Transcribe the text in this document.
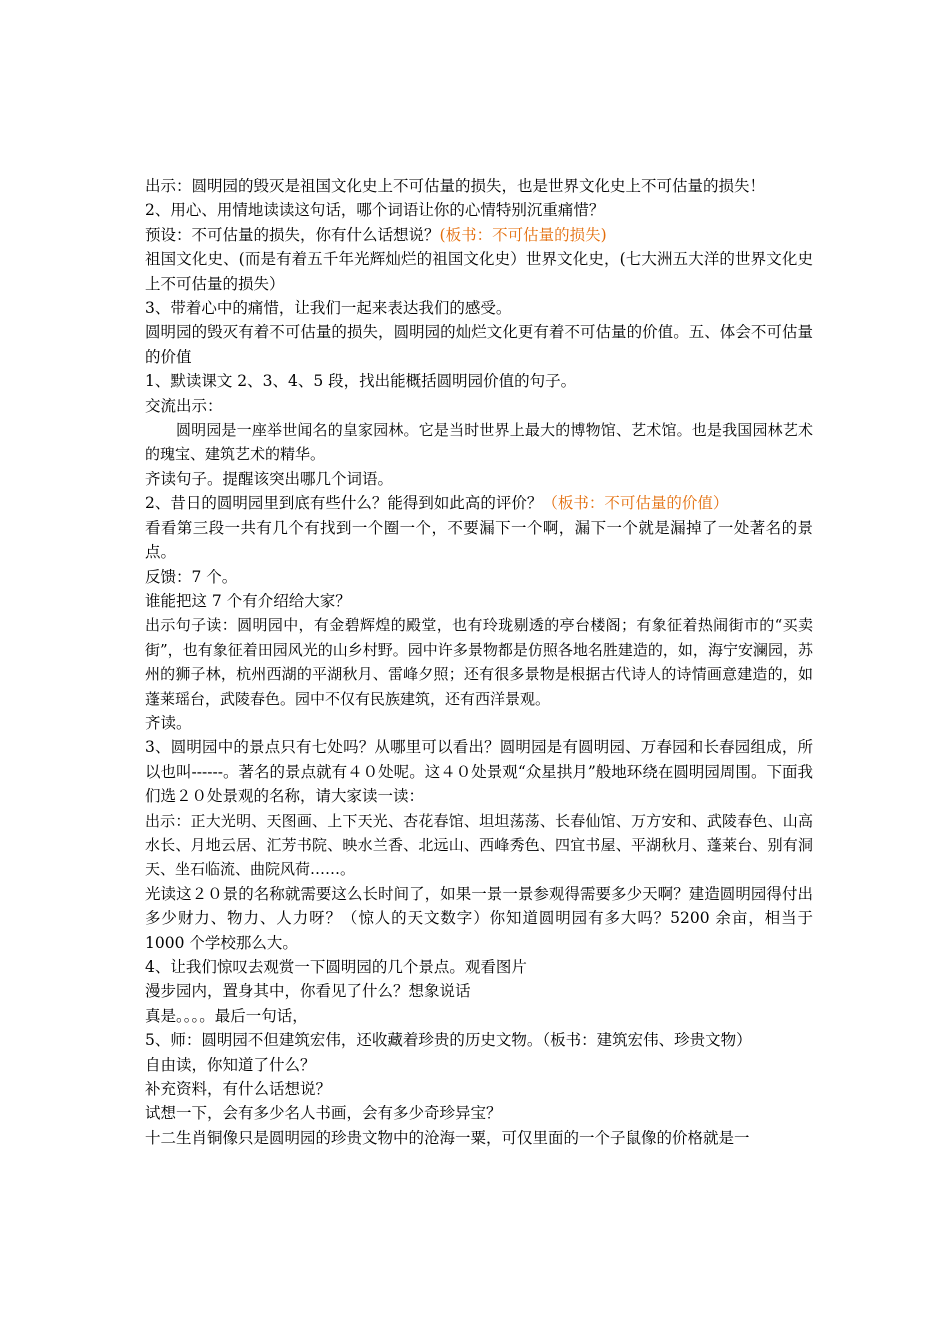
出示：圆明园的毁灭是祖国文化史上不可估量的损失，也是世界文化史上不可估量的损失！
2、用心、用情地读读这句话，哪个词语让你的心情特别沉重痛惜？
预设：不可估量的损失，你有什么话想说？(板书：不可估量的损失)
祖国文化史、(而是有着五千年光辉灿烂的祖国文化史）世界文化史，(七大洲五大洋的世界文化史上不可估量的损失）
3、带着心中的痛惜，让我们一起来表达我们的感受。
圆明园的毁灭有着不可估量的损失，圆明园的灿烂文化更有着不可估量的价值。五、体会不可估量的价值
1、默读课文 2、3、4、5 段，找出能概括圆明园价值的句子。
交流出示：
圆明园是一座举世闻名的皇家园林。它是当时世界上最大的博物馆、艺术馆。也是我国园林艺术的瑰宝、建筑艺术的精华。
齐读句子。提醒该突出哪几个词语。
2、昔日的圆明园里到底有些什么？能得到如此高的评价？（板书：不可估量的价值）
看看第三段一共有几个有找到一个圈一个，不要漏下一个啊，漏下一个就是漏掉了一处著名的景点。
反馈：7 个。
谁能把这 7 个有介绍给大家？
出示句子读：圆明园中，有金碧辉煌的殿堂，也有玲珑剔透的亭台楼阁；有象征着热闹街市的“买卖街”，也有象征着田园风光的山乡村野。园中许多景物都是仿照各地名胜建造的，如，海宁安澜园，苏州的狮子林，杭州西湖的平湖秋月、雷峰夕照；还有很多景物是根据古代诗人的诗情画意建造的，如蓬莱瑶台，武陵春色。园中不仅有民族建筑，还有西洋景观。
齐读。
3、圆明园中的景点只有七处吗？从哪里可以看出？圆明园是有圆明园、万春园和长春园组成，所以也叫------。著名的景点就有４０处呢。这４０处景观“众星拱月”般地环绕在圆明园周围。下面我们选２０处景观的名称，请大家读一读：
出示：正大光明、天图画、上下天光、杏花春馆、坦坦荡荡、长春仙馆、万方安和、武陵春色、山高水长、月地云居、汇芳书院、映水兰香、北远山、西峰秀色、四宜书屋、平湖秋月、蓬莱台、别有洞天、坐石临流、曲院风荷……。
光读这２０景的名称就需要这么长时间了，如果一景一景参观得需要多少天啊？建造圆明园得付出多少财力、物力、人力呀？（惊人的天文数字）你知道圆明园有多大吗？5200 余亩，相当于 1000 个学校那么大。
4、让我们惊叹去观赏一下圆明园的几个景点。观看图片
漫步园内，置身其中，你看见了什么？想象说话
真是。。。。最后一句话，
5、师：圆明园不但建筑宏伟，还收藏着珍贵的历史文物。（板书：建筑宏伟、珍贵文物）
自由读，你知道了什么？
补充资料，有什么话想说？
试想一下，会有多少名人书画，会有多少奇珍异宝？
十二生肖铜像只是圆明园的珍贵文物中的沧海一粟，可仅里面的一个子鼠像的价格就是一
